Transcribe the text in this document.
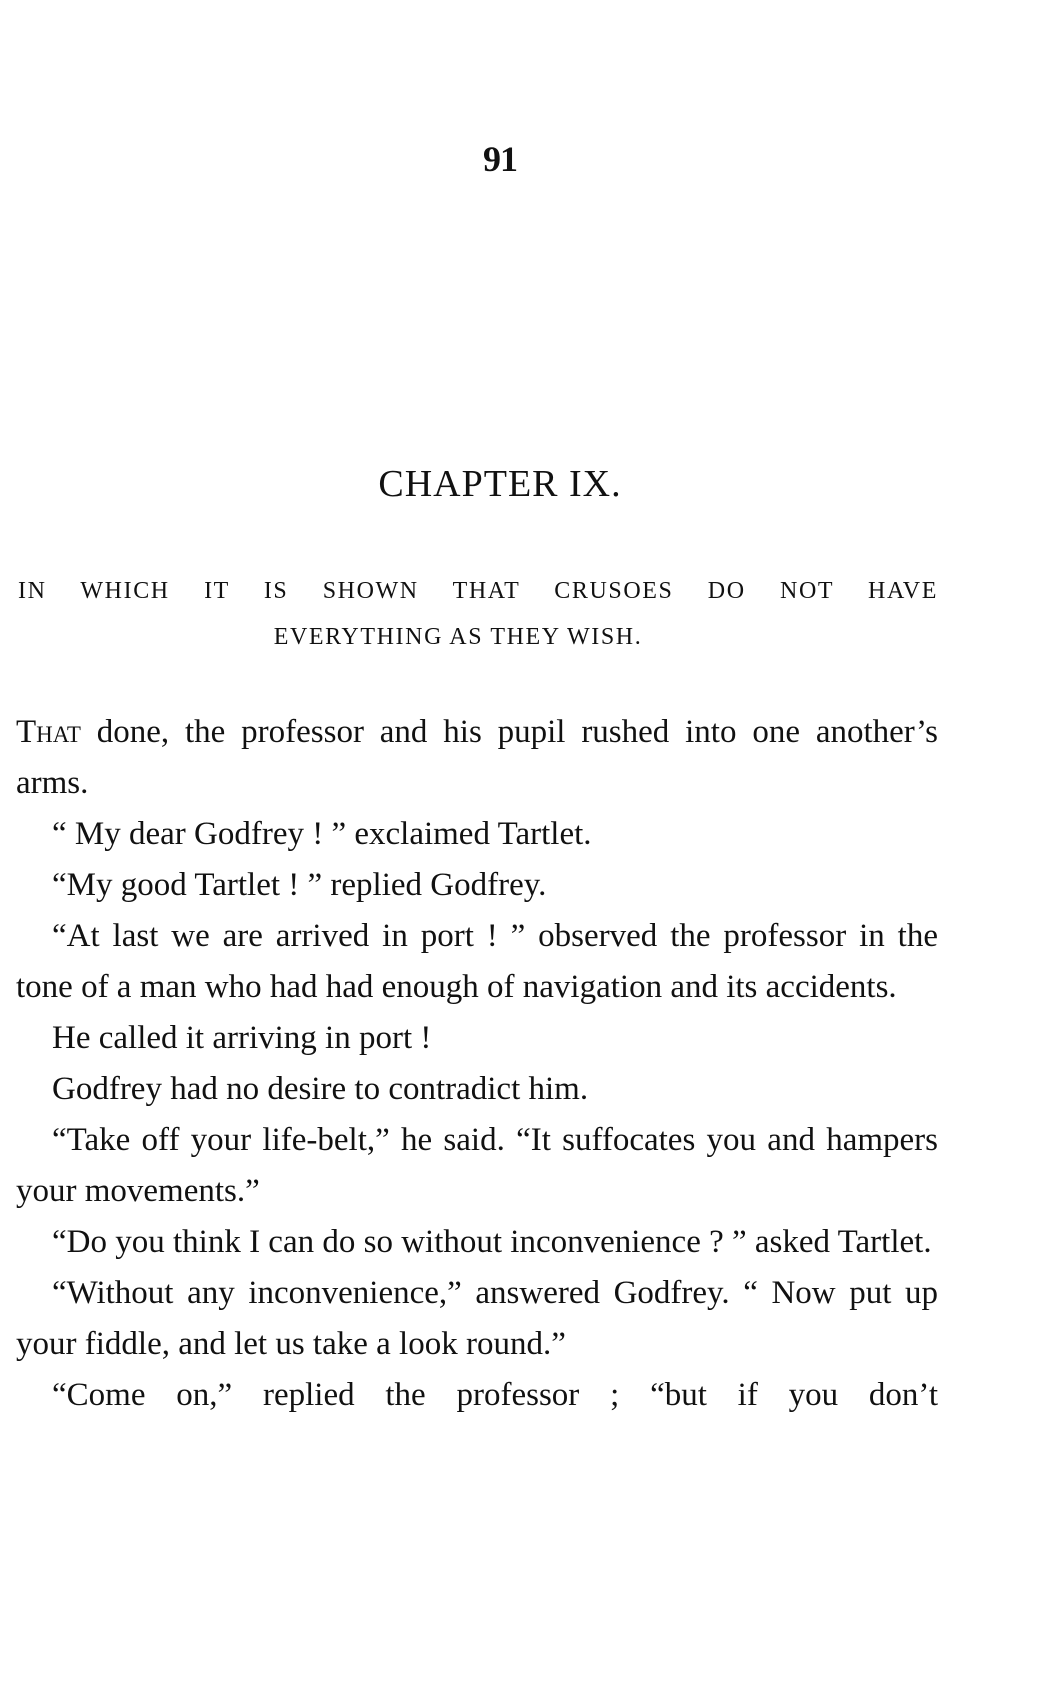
91
CHAPTER IX.
IN WHICH IT IS SHOWN THAT CRUSOES DO NOT HAVE
EVERYTHING AS THEY WISH.

That done, the professor and his pupil rushed into one another’s arms.

“ My dear Godfrey ! ” exclaimed Tartlet.

“My good Tartlet ! ” replied Godfrey.

“At last we are arrived in port ! ” observed the professor in the tone of a man who had had enough of navigation and its accidents.

He called it arriving in port !

Godfrey had no desire to contradict him.

“Take off your life-belt,” he said. “It suffocates you and hampers your movements.”

“Do you think I can do so without inconvenience ? ” asked Tartlet.

“Without any inconvenience,” answered Godfrey. “ Now put up your fiddle, and let us take a look round.”

“Come on,” replied the professor ; “but if you don’t
